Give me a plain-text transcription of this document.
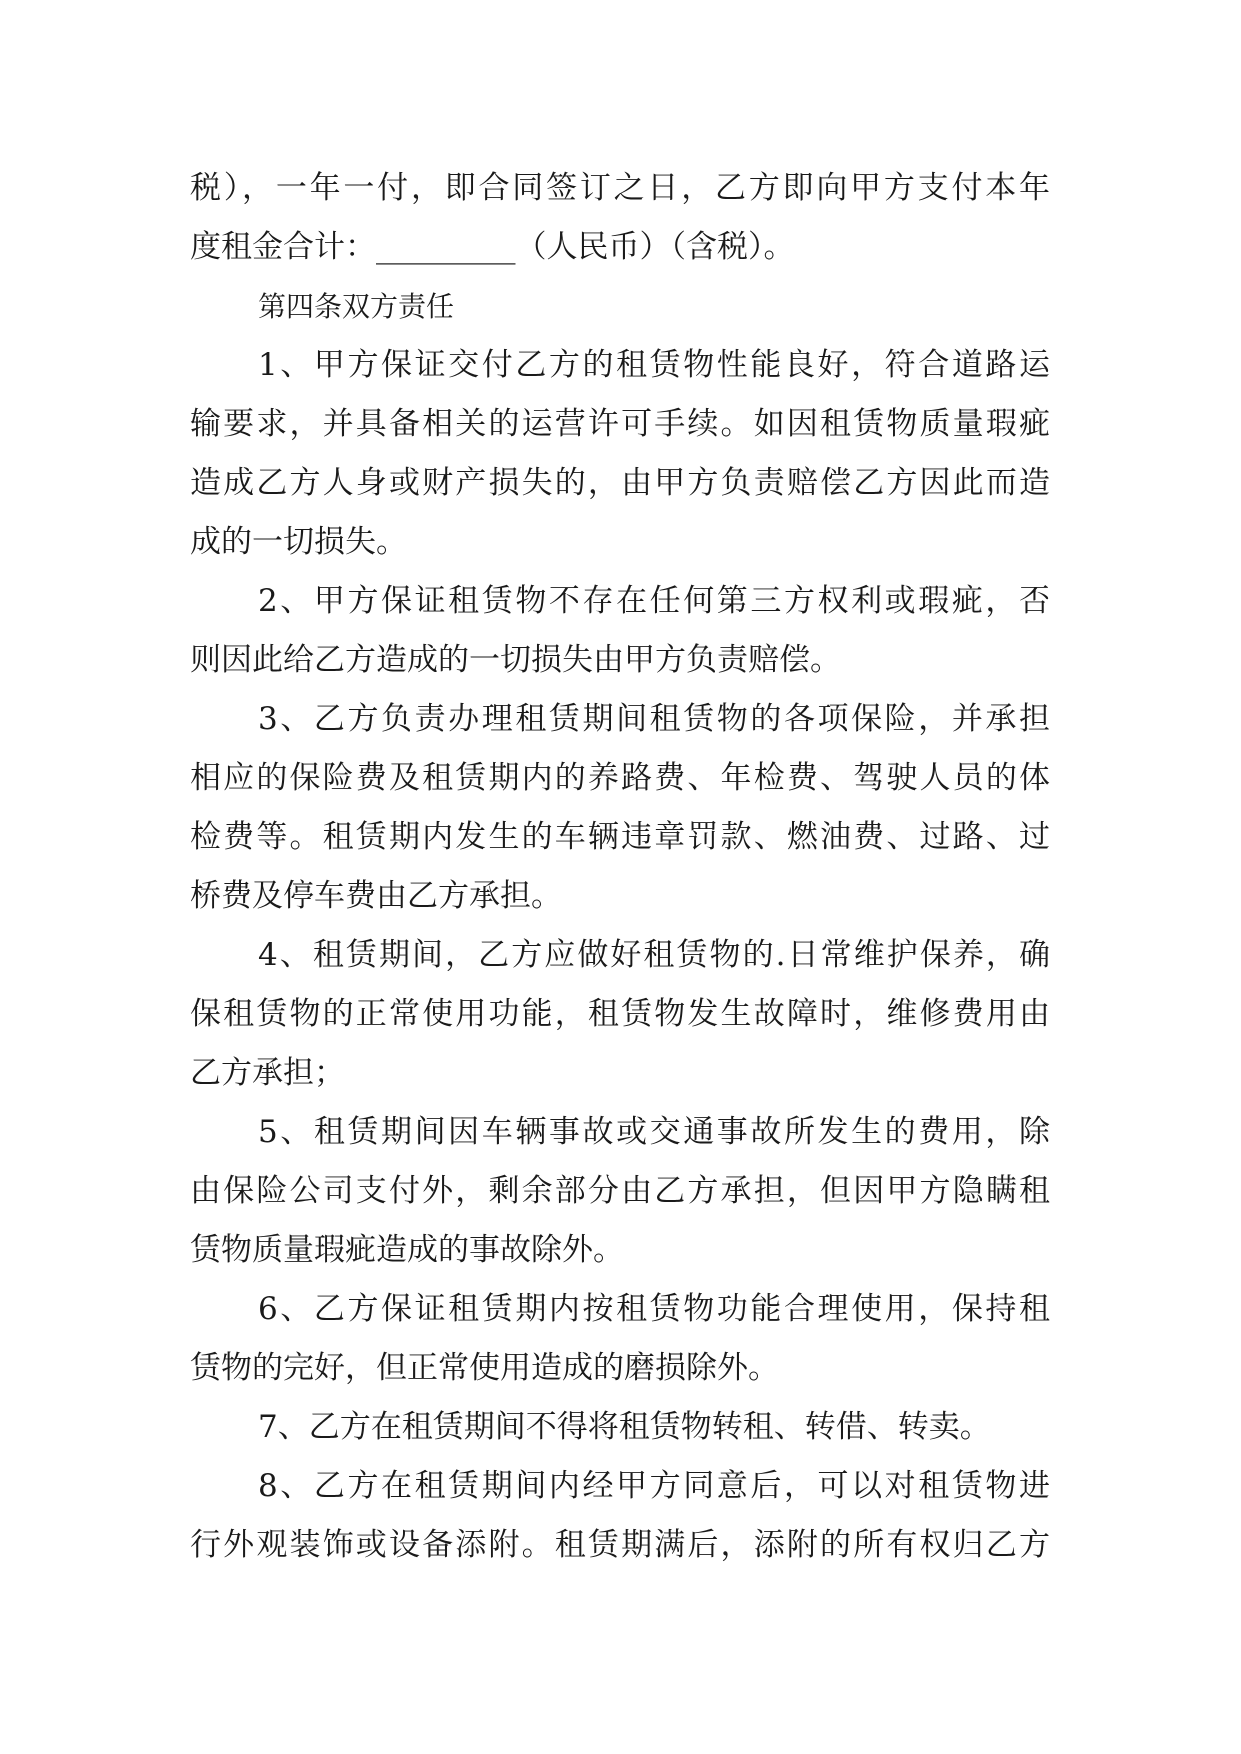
税），一年一付，即合同签订之日，乙方即向甲方支付本年
度租金合计：_________（人民币）（含税）。
第四条双方责任
1、甲方保证交付乙方的租赁物性能良好，符合道路运
输要求，并具备相关的运营许可手续。如因租赁物质量瑕疵
造成乙方人身或财产损失的，由甲方负责赔偿乙方因此而造
成的一切损失。
2、甲方保证租赁物不存在任何第三方权利或瑕疵，否
则因此给乙方造成的一切损失由甲方负责赔偿。
3、乙方负责办理租赁期间租赁物的各项保险，并承担
相应的保险费及租赁期内的养路费、年检费、驾驶人员的体
检费等。租赁期内发生的车辆违章罚款、燃油费、过路、过
桥费及停车费由乙方承担。
4、租赁期间，乙方应做好租赁物的.日常维护保养，确
保租赁物的正常使用功能，租赁物发生故障时，维修费用由
乙方承担；
5、租赁期间因车辆事故或交通事故所发生的费用，除
由保险公司支付外，剩余部分由乙方承担，但因甲方隐瞒租
赁物质量瑕疵造成的事故除外。
6、乙方保证租赁期内按租赁物功能合理使用，保持租
赁物的完好，但正常使用造成的磨损除外。
7、乙方在租赁期间不得将租赁物转租、转借、转卖。
8、乙方在租赁期间内经甲方同意后，可以对租赁物进
行外观装饰或设备添附。租赁期满后，添附的所有权归乙方
